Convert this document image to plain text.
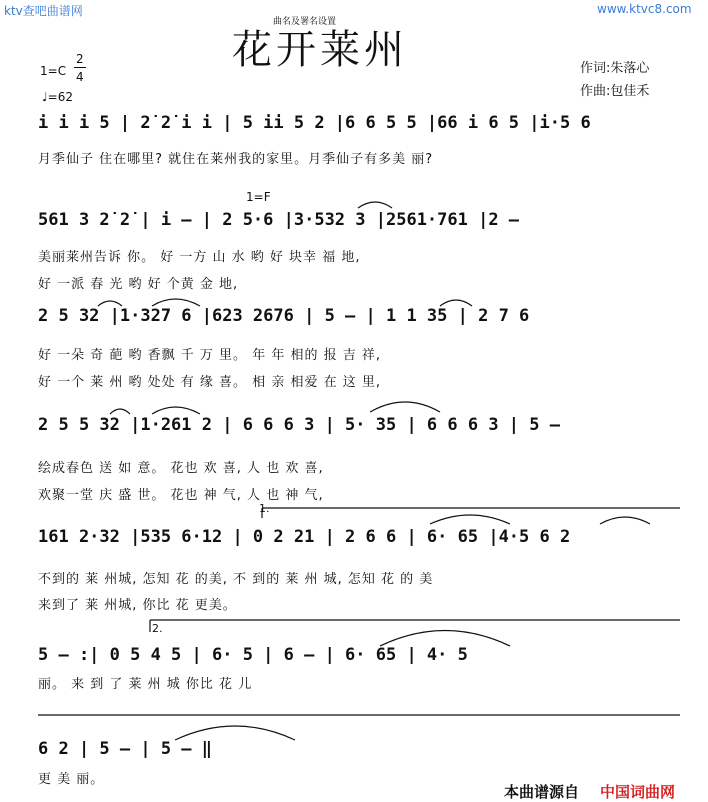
ktv查吧曲谱网	www.ktvc8.com
曲名及署名设置
花开莱州
1=C
2
4
♩=62
作词:朱落心
作曲:包佳禾
i i i 5 | 2̇ 2̇ i i | 5 ii 5 2 |6 6 5 5 |66 i 6 5 |i·5 6
月季仙子 住在哪里? 就住在莱州我的家里。月季仙子有多美 丽?
1=F
561 3 2̇ 2̇ | i – | 2 5·6 |3·532 3 |2561·761 |2 –
美丽莱州告诉 你。 好 一方 山 水 哟 好 块幸 福 地,
好 一派 春 光 哟 好 个黄 金 地,
2 5 32 |1·327 6 |623 2676 | 5 – | 1 1 35 | 2 7 6
好 一朵 奇 葩 哟 香飘 千 万 里。 年 年 相的 报 吉 祥,
好 一个 莱 州 哟 处处 有 缘 喜。 相 亲 相爱 在 这 里,
2 5 5 32 |1·261 2 | 6 6 6 3 | 5· 35 | 6 6 6 3 | 5 –
绘成春色 送 如 意。 花也 欢 喜, 人 也 欢 喜,
欢聚一堂 庆 盛 世。 花也 神 气, 人 也 神 气,
1.
161 2·32 |535 6·12 | 0 2 21 | 2 6 6 | 6· 65 |4·5 6 2
不到的 莱 州城, 怎知 花 的美, 不 到的 莱 州 城, 怎知 花 的 美
来到了 莱 州城, 你比 花 更美。
2.
5 – :| 0 5 4 5 | 6· 5 | 6 – | 6· 65 | 4· 5
丽。 来 到 了 莱 州 城 你比 花 儿
6 2 | 5 – | 5 – ‖
更 美 丽。
本曲谱源自 中国词曲网
